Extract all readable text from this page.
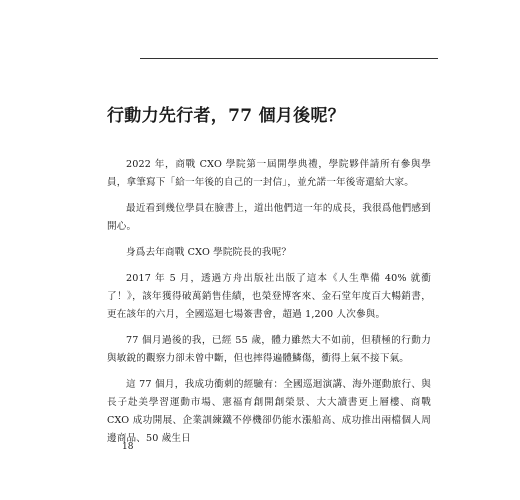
行動力先行者，77 個月後呢？

2022 年，商戰 CXO 學院第一屆開學典禮，學院夥伴請所有參與學員，拿筆寫下「給一年後的自己的一封信」，並允諾一年後寄還給大家。

最近看到幾位學員在臉書上，道出他們這一年的成長，我很爲他們感到開心。

身爲去年商戰 CXO 學院院長的我呢？

2017 年 5 月，透過方舟出版社出版了這本《人生準備 40% 就衝了！》，該年獲得破萬銷售佳績，也榮登博客來、金石堂年度百大暢銷書，更在該年的六月，全國巡迴七場簽書會，超過 1,200 人次參與。

77 個月過後的我，已經 55 歲，體力雖然大不如前，但積極的行動力與敏銳的觀察力卻未曾中斷，但也摔得遍體鱗傷，衝得上氣不接下氣。

這 77 個月，我成功衝刺的經驗有：全國巡迴演講、海外運動旅行、與長子赴美學習運動市場、憲福育創開創榮景、大大讀書更上層樓、商戰 CXO 成功開展、企業訓練鐵不停機卻仍能水漲船高、成功推出兩檔個人周邊商品、50 歲生日

18
